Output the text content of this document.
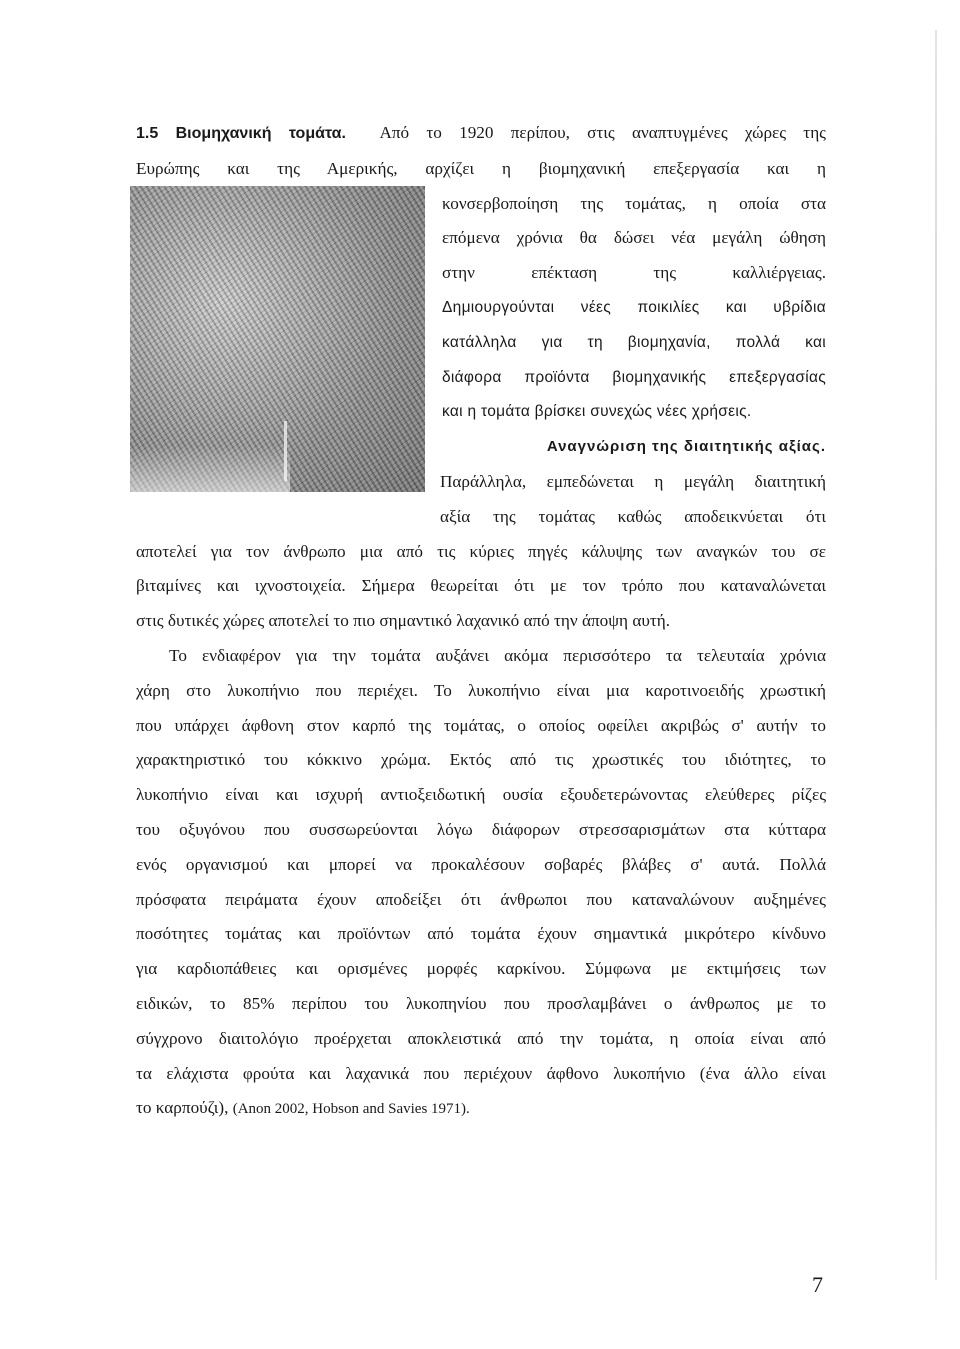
1.5 Βιομηχανική τομάτα. Από το 1920 περίπου, στις αναπτυγμένες χώρες της
Ευρώπης και της Αμερικής, αρχίζει η βιομηχανική επεξεργασία και η
κονσερβοποίηση της τομάτας, η οποία στα
επόμενα χρόνια θα δώσει νέα μεγάλη ώθηση
στην επέκταση της καλλιέργειας.
Δημιουργούνται νέες ποικιλίες και υβρίδια
κατάλληλα για τη βιομηχανία, πολλά και
διάφορα προϊόντα βιομηχανικής επεξεργασίας
και η τομάτα βρίσκει συνεχώς νέες χρήσεις.
Αναγνώριση της διαιτητικής αξίας.
Παράλληλα, εμπεδώνεται η μεγάλη διαιτητική
αξία της τομάτας καθώς αποδεικνύεται ότι
αποτελεί για τον άνθρωπο μια από τις κύριες πηγές κάλυψης των αναγκών του σε
βιταμίνες και ιχνοστοιχεία. Σήμερα θεωρείται ότι με τον τρόπο που καταναλώνεται
στις δυτικές χώρες αποτελεί το πιο σημαντικό λαχανικό από την άποψη αυτή.
Το ενδιαφέρον για την τομάτα αυξάνει ακόμα περισσότερο τα τελευταία χρόνια
χάρη στο λυκοπήνιο που περιέχει. Το λυκοπήνιο είναι μια καροτινοειδής χρωστική
που υπάρχει άφθονη στον καρπό της τομάτας, ο οποίος οφείλει ακριβώς σ' αυτήν το
χαρακτηριστικό του κόκκινο χρώμα. Εκτός από τις χρωστικές του ιδιότητες, το
λυκοπήνιο είναι και ισχυρή αντιοξειδωτική ουσία εξουδετερώνοντας ελεύθερες ρίζες
του οξυγόνου που συσσωρεύονται λόγω διάφορων στρεσσαρισμάτων στα κύτταρα
ενός οργανισμού και μπορεί να προκαλέσουν σοβαρές βλάβες σ' αυτά. Πολλά
πρόσφατα πειράματα έχουν αποδείξει ότι άνθρωποι που καταναλώνουν αυξημένες
ποσότητες τομάτας και προϊόντων από τομάτα έχουν σημαντικά μικρότερο κίνδυνο
για καρδιοπάθειες και ορισμένες μορφές καρκίνου. Σύμφωνα με εκτιμήσεις των
ειδικών, το 85% περίπου του λυκοπηνίου που προσλαμβάνει ο άνθρωπος με το
σύγχρονο διαιτολόγιο προέρχεται αποκλειστικά από την τομάτα, η οποία είναι από
τα ελάχιστα φρούτα και λαχανικά που περιέχουν άφθονο λυκοπήνιο (ένα άλλο είναι
το καρπούζι), (Anon 2002, Hobson and Savies 1971).
7
